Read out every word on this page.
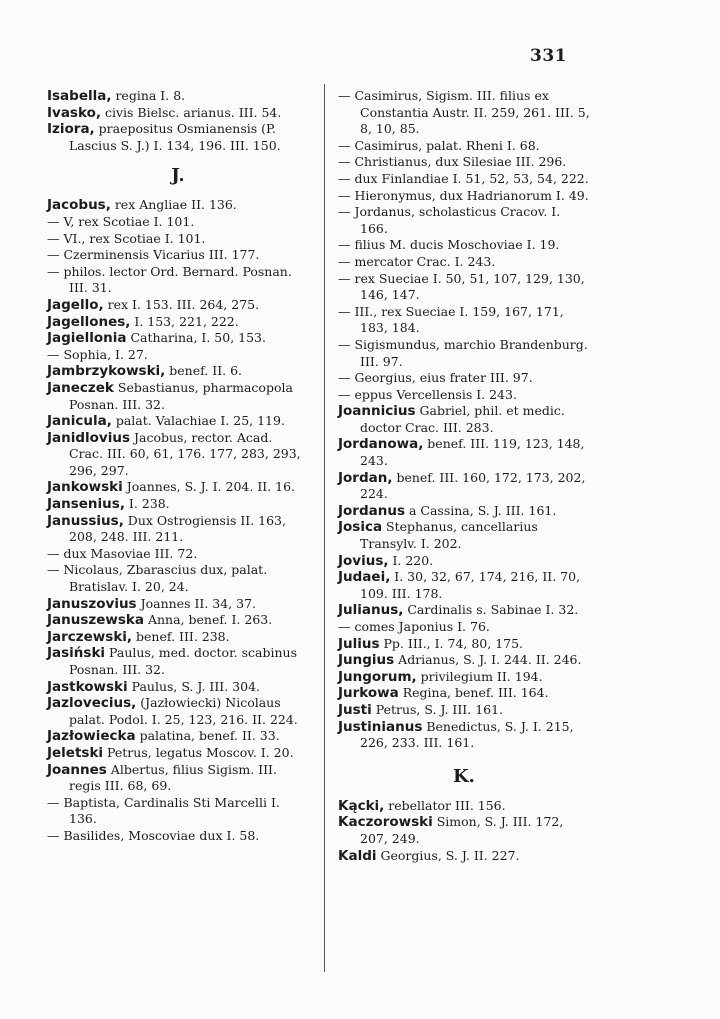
331

Isabella, regina I. 8.

Ivasko, civis Bielsc. arianus. III. 54.

Iziora, praepositus Osmianensis (P. Lascius S. J.) I. 134, 196. III. 150.

J.

Jacobus, rex Angliae II. 136.

— V, rex Scotiae I. 101.

— VI., rex Scotiae I. 101.

— Czerminensis Vicarius III. 177.

— philos. lector Ord. Bernard. Posnan. III. 31.

Jagello, rex I. 153. III. 264, 275.

Jagellones, I. 153, 221, 222.

Jagiellonia Catharina, I. 50, 153.

— Sophia, I. 27.

Jambrzykowski, benef. II. 6.

Janeczek Sebastianus, pharmacopola Posnan. III. 32.

Janicula, palat. Valachiae I. 25, 119.

Janidlovius Jacobus, rector. Acad. Crac. III. 60, 61, 176. 177, 283, 293, 296, 297.

Jankowski Joannes, S. J. I. 204. II. 16.

Jansenius, I. 238.

Janussius, Dux Ostrogiensis II. 163, 208, 248. III. 211.

— dux Masoviae III. 72.

— Nicolaus, Zbarascius dux, palat. Bratislav. I. 20, 24.

Januszovius Joannes II. 34, 37.

Januszewska Anna, benef. I. 263.

Jarczewski, benef. III. 238.

Jasiński Paulus, med. doctor. scabinus Posnan. III. 32.

Jastkowski Paulus, S. J. III. 304.

Jazlovecius, (Jazłowiecki) Nicolaus palat. Podol. I. 25, 123, 216. II. 224.

Jazłowiecka palatina, benef. II. 33.

Jeletski Petrus, legatus Moscov. I. 20.

Joannes Albertus, filius Sigism. III. regis III. 68, 69.

— Baptista, Cardinalis Sti Marcelli I. 136.

— Basilides, Moscoviae dux I. 58.

— Casimirus, Sigism. III. filius ex Constantia Austr. II. 259, 261. III. 5, 8, 10, 85.

— Casimirus, palat. Rheni I. 68.

— Christianus, dux Silesiae III. 296.

— dux Finlandiae I. 51, 52, 53, 54, 222.

— Hieronymus, dux Hadrianorum I. 49.

— Jordanus, scholasticus Cracov. I. 166.

— filius M. ducis Moschoviae I. 19.

— mercator Crac. I. 243.

— rex Sueciae I. 50, 51, 107, 129, 130, 146, 147.

— III., rex Sueciae I. 159, 167, 171, 183, 184.

— Sigismundus, marchio Brandenburg. III. 97.

— Georgius, eius frater III. 97.

— eppus Vercellensis I. 243.

Joannicius Gabriel, phil. et medic. doctor Crac. III. 283.

Jordanowa, benef. III. 119, 123, 148, 243.

Jordan, benef. III. 160, 172, 173, 202, 224.

Jordanus a Cassina, S. J. III. 161.

Josica Stephanus, cancellarius Transylv. I. 202.

Jovius, I. 220.

Judaei, I. 30, 32, 67, 174, 216, II. 70, 109. III. 178.

Julianus, Cardinalis s. Sabinae I. 32.

— comes Japonius I. 76.

Julius Pp. III., I. 74, 80, 175.

Jungius Adrianus, S. J. I. 244. II. 246.

Jungorum, privilegium II. 194.

Jurkowa Regina, benef. III. 164.

Justi Petrus, S. J. III. 161.

Justinianus Benedictus, S. J. I. 215, 226, 233. III. 161.

K.

Kącki, rebellator III. 156.

Kaczorowski Simon, S. J. III. 172, 207, 249.

Kaldi Georgius, S. J. II. 227.
